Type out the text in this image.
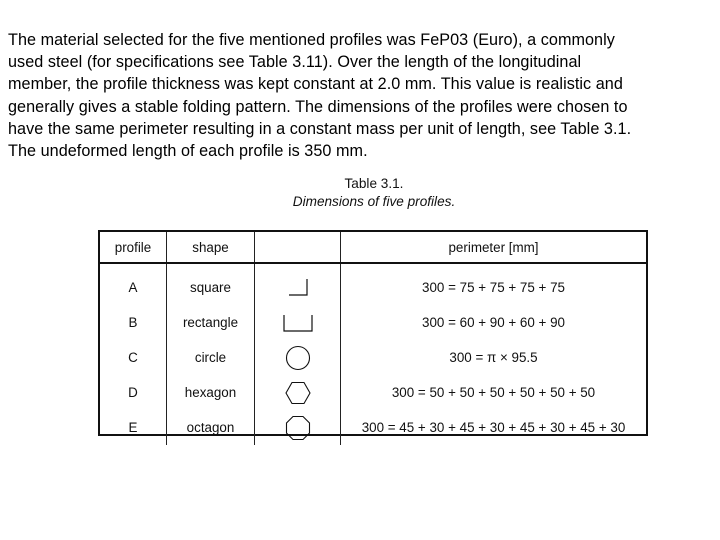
The material selected for the five mentioned profiles was FeP03 (Euro), a commonly
used steel (for specifications see Table 3.11). Over the length of the longitudinal
member, the profile thickness was kept constant at 2.0 mm. This value is realistic and
generally gives a stable folding pattern. The dimensions of the profiles were chosen to
have the same perimeter resulting in a constant mass per unit of length, see Table 3.1.
The undeformed length of each profile is 350 mm.
Table 3.1.
Dimensions of five profiles.
profile	shape		perimeter [mm]
A	square		300 = 75 + 75 + 75 + 75
B	rectangle		300 = 60 + 90 + 60 + 90
C	circle		300 = π × 95.5
D	hexagon		300 = 50 + 50 + 50 + 50 + 50 + 50
E	octagon		300 = 45 + 30 + 45 + 30 + 45 + 30 + 45 + 30
